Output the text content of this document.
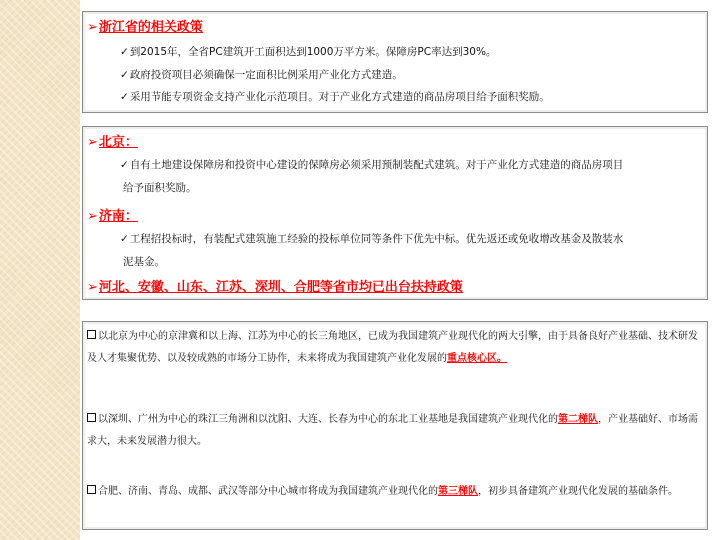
➢浙江省的相关政策
✓到2015年，全省PC建筑开工面积达到1000万平方米。保障房PC率达到30%。
✓政府投资项目必须确保一定面积比例采用产业化方式建造。
✓采用节能专项资金支持产业化示范项目。对于产业化方式建造的商品房项目给予面积奖励。
➢北京：
✓自有土地建设保障房和投资中心建设的保障房必须采用预制装配式建筑。对于产业化方式建造的商品房项目
给予面积奖励。
➢济南：
✓工程招投标时，有装配式建筑施工经验的投标单位同等条件下优先中标。优先返还或免收增改基金及散装水
泥基金。
➢河北、安徽、山东、江苏、深圳、合肥等省市均已出台扶持政策
以北京为中心的京津冀和以上海、江苏为中心的长三角地区，已成为我国建筑产业现代化的两大引擎，由于具备良好产业基础、技术研发及人才集聚优势、以及较成熟的市场分工协作，未来将成为我国建筑产业化发展的重点核心区。
以深圳、广州为中心的珠江三角洲和以沈阳、大连、长春为中心的东北工业基地是我国建筑产业现代化的第二梯队，产业基础好、市场需求大，未来发展潜力很大。
合肥、济南、青岛、成都、武汉等部分中心城市将成为我国建筑产业现代化的第三梯队，初步具备建筑产业现代化发展的基础条件。
